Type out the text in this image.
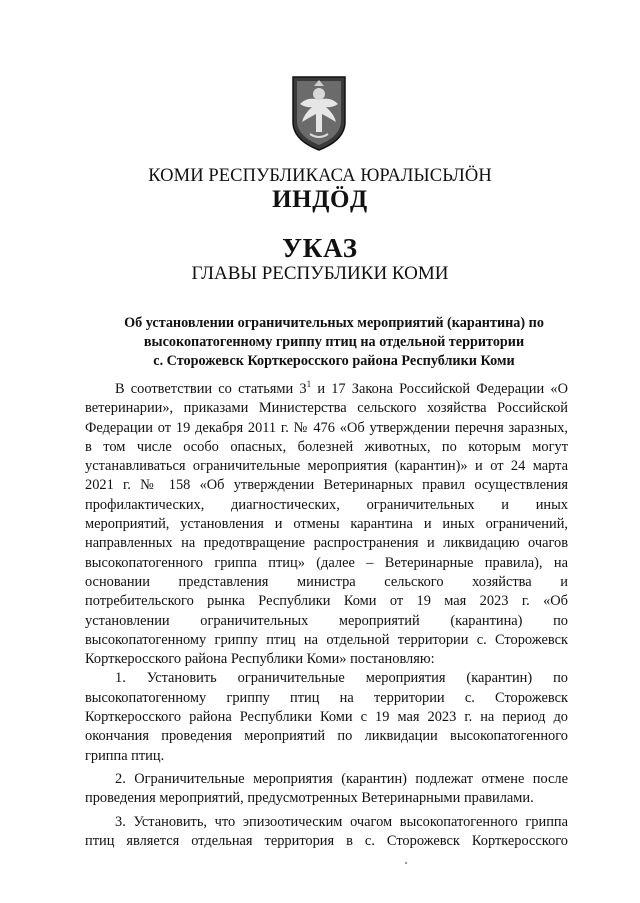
КОМИ РЕСПУБЛИКАСА ЮРАЛЫСЬЛӦН
ИНДӦД
УКАЗ
ГЛАВЫ РЕСПУБЛИКИ КОМИ
Об установлении ограничительных мероприятий (карантина) по
высокопатогенному гриппу птиц на отдельной территории
с. Сторожевск Корткеросского района Республики Коми
В соответствии со статьями $3^1$ и 17 Закона Российской Федерации «О
ветеринарии», приказами Министерства сельского хозяйства Российской
Федерации от 19 декабря 2011 г. № 476 «Об утверждении перечня заразных,
в том числе особо опасных, болезней животных, по которым могут
устанавливаться ограничительные мероприятия (карантин)» и от 24 марта
2021 г. № 158 «Об утверждении Ветеринарных правил осуществления
профилактических, диагностических, ограничительных и иных
мероприятий, установления и отмены карантина и иных ограничений,
направленных на предотвращение распространения и ликвидацию очагов
высокопатогенного гриппа птиц» (далее – Ветеринарные правила), на
основании представления министра сельского хозяйства и
потребительского рынка Республики Коми от 19 мая 2023 г. «Об
установлении ограничительных мероприятий (карантина) по
высокопатогенному гриппу птиц на отдельной территории с. Сторожевск
Корткеросского района Республики Коми» постановляю:
1. Установить ограничительные мероприятия (карантин) по
высокопатогенному гриппу птиц на территории с. Сторожевск
Корткеросского района Республики Коми с 19 мая 2023 г. на период до
окончания проведения мероприятий по ликвидации высокопатогенного
гриппа птиц.
2. Ограничительные мероприятия (карантин) подлежат отмене после
проведения мероприятий, предусмотренных Ветеринарными правилами.
3. Установить, что эпизоотическим очагом высокопатогенного гриппа
птиц является отдельная территория в с. Сторожевск Корткеросского
